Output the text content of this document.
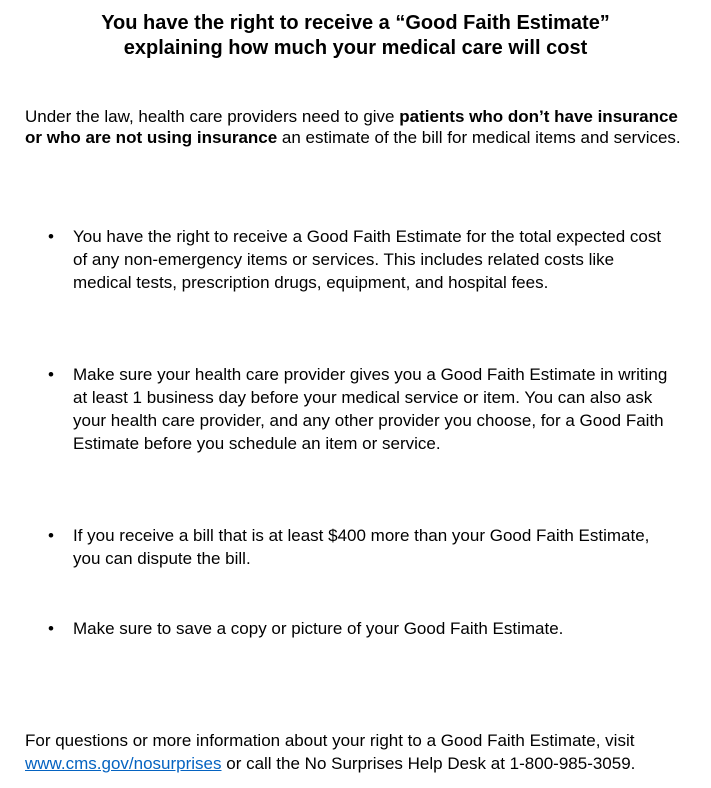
You have the right to receive a “Good Faith Estimate”
explaining how much your medical care will cost

Under the law, health care providers need to give patients who don’t have insurance or who are not using insurance an estimate of the bill for medical items and services.

•	You have the right to receive a Good Faith Estimate for the total expected cost of any non-emergency items or services. This includes related costs like medical tests, prescription drugs, equipment, and hospital fees.
•	Make sure your health care provider gives you a Good Faith Estimate in writing at least 1 business day before your medical service or item. You can also ask your health care provider, and any other provider you choose, for a Good Faith Estimate before you schedule an item or service.
•	If you receive a bill that is at least $400 more than your Good Faith Estimate, you can dispute the bill.
•	Make sure to save a copy or picture of your Good Faith Estimate.

For questions or more information about your right to a Good Faith Estimate, visit www.cms.gov/nosurprises or call the No Surprises Help Desk at 1-800-985-3059.
